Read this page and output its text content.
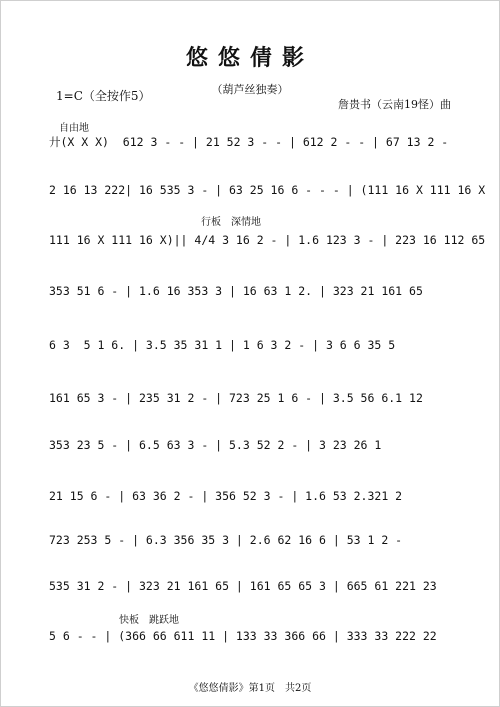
悠悠倩影
（葫芦丝独奏）
1=C（全按作5）
詹贵书（云南19怪）曲
自由地
廾(X X X)  612 3 - - | 21 52 3 - - | 612 2 - - | 67 13 2 -
2 16 13 222| 16 535 3 - | 63 25 16 6 - - - | (111 16 X 111 16 X
行板　深情地
111 16 X 111 16 X)|| 4/4 3 16 2 - | 1.6 123 3 - | 223 16 112 65
353 51 6 - | 1.6 16 353 3 | 16 63 1 2. | 323 21 161 65
6 3  5 1 6. | 3.5 35 31 1 | 1 6 3 2 - | 3 6 6 35 5
161 65 3 - | 235 31 2 - | 723 25 1 6 - | 3.5 56 6.1 12
353 23 5 - | 6.5 63 3 - | 5.3 52 2 - | 3 23 26 1
21 15 6 - | 63 36 2 - | 356 52 3 - | 1.6 53 2.321 2
723 253 5 - | 6.3 356 35 3 | 2.6 62 16 6 | 53 1 2 -
535 31 2 - | 323 21 161 65 | 161 65 65 3 | 665 61 221 23
快板　跳跃地
5 6 - - | (366 66 611 11 | 133 33 366 66 | 333 33 222 22
《悠悠倩影》第1页　共2页
